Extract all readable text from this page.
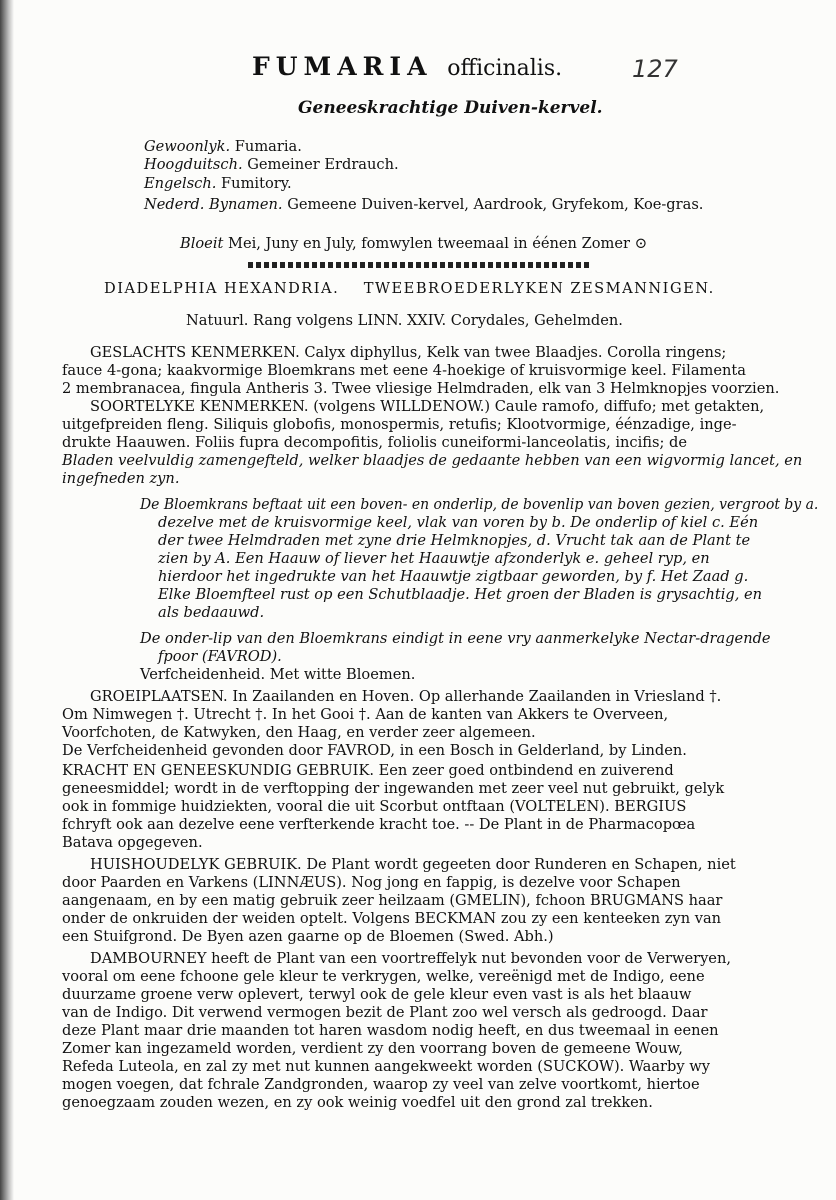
FUMARIA officinalis.	127
Geneeskrachtige Duiven-kervel.
Gewoonlyk. Fumaria.
Hoogduitsch. Gemeiner Erdrauch.
Engelsch. Fumitory.
Nederd. Bynamen. Gemeene Duiven-kervel, Aardrook, Gryfekom, Koe-gras.
Bloeit Mei, Juny en July, fomwylen tweemaal in éénen Zomer ⊙
DIADELPHIA HEXANDRIA. TWEEBROEDERLYKEN ZESMANNIGEN.
Natuurl. Rang volgens LINN. XXIV. Corydales, Gehelmden.
GESLACHTS KENMERKEN. Calyx diphyllus, Kelk van twee Blaadjes. Corolla ringens;
fauce 4-gona; kaakvormige Bloemkrans met eene 4-hoekige of kruisvormige keel. Filamenta
2 membranacea, fingula Antheris 3. Twee vliesige Helmdraden, elk van 3 Helmknopjes voorzien.
SOORTELYKE KENMERKEN. (volgens WILLDENOW.) Caule ramofo, diffufo; met getakten,
uitgefpreiden fleng. Siliquis globofis, monospermis, retufis; Klootvormige, éénzadige, inge-
drukte Haauwen. Foliis fupra decompofitis, foliolis cuneiformi-lanceolatis, incifis; de
Bladen veelvuldig zamengefteld, welker blaadjes de gedaante hebben van een wigvormig lancet, en
ingefneden zyn.
De Bloemkrans beftaat uit een boven- en onderlip, de bovenlip van boven gezien, vergroot by a.
dezelve met de kruisvormige keel, vlak van voren by b. De onderlip of kiel c. Eén
der twee Helmdraden met zyne drie Helmknopjes, d. Vrucht tak aan de Plant te
zien by A. Een Haauw of liever het Haauwtje afzonderlyk e. geheel ryp, en
hierdoor het ingedrukte van het Haauwtje zigtbaar geworden, by f. Het Zaad g.
Elke Bloemfteel rust op een Schutblaadje. Het groen der Bladen is grysachtig, en
als bedaauwd.
De onder-lip van den Bloemkrans eindigt in eene vry aanmerkelyke Nectar-dragende
fpoor (FAVROD).
Verfcheidenheid. Met witte Bloemen.
GROEIPLAATSEN. In Zaailanden en Hoven. Op allerhande Zaailanden in Vriesland †.
Om Nimwegen †. Utrecht †. In het Gooi †. Aan de kanten van Akkers te Overveen,
Voorfchoten, de Katwyken, den Haag, en verder zeer algemeen.
De Verfcheidenheid gevonden door FAVROD, in een Bosch in Gelderland, by Linden.
KRACHT EN GENEESKUNDIG GEBRUIK. Een zeer goed ontbindend en zuiverend
geneesmiddel; wordt in de verftopping der ingewanden met zeer veel nut gebruikt, gelyk
ook in fommige huidziekten, vooral die uit Scorbut ontftaan (VOLTELEN). BERGIUS
fchryft ook aan dezelve eene verfterkende kracht toe. -- De Plant in de Pharmacopœa
Batava opgegeven.
HUISHOUDELYK GEBRUIK. De Plant wordt gegeeten door Runderen en Schapen, niet
door Paarden en Varkens (LINNÆUS). Nog jong en fappig, is dezelve voor Schapen
aangenaam, en by een matig gebruik zeer heilzaam (GMELIN), fchoon BRUGMANS haar
onder de onkruiden der weiden optelt. Volgens BECKMAN zou zy een kenteeken zyn van
een Stuifgrond. De Byen azen gaarne op de Bloemen (Swed. Abh.)
DAMBOURNEY heeft de Plant van een voortreffelyk nut bevonden voor de Verweryen,
vooral om eene fchoone gele kleur te verkrygen, welke, vereënigd met de Indigo, eene
duurzame groene verw oplevert, terwyl ook de gele kleur even vast is als het blaauw
van de Indigo. Dit verwend vermogen bezit de Plant zoo wel versch als gedroogd. Daar
deze Plant maar drie maanden tot haren wasdom nodig heeft, en dus tweemaal in eenen
Zomer kan ingezameld worden, verdient zy den voorrang boven de gemeene Wouw,
Refeda Luteola, en zal zy met nut kunnen aangekweekt worden (SUCKOW). Waarby wy
mogen voegen, dat fchrale Zandgronden, waarop zy veel van zelve voortkomt, hiertoe
genoegzaam zouden wezen, en zy ook weinig voedfel uit den grond zal trekken.
